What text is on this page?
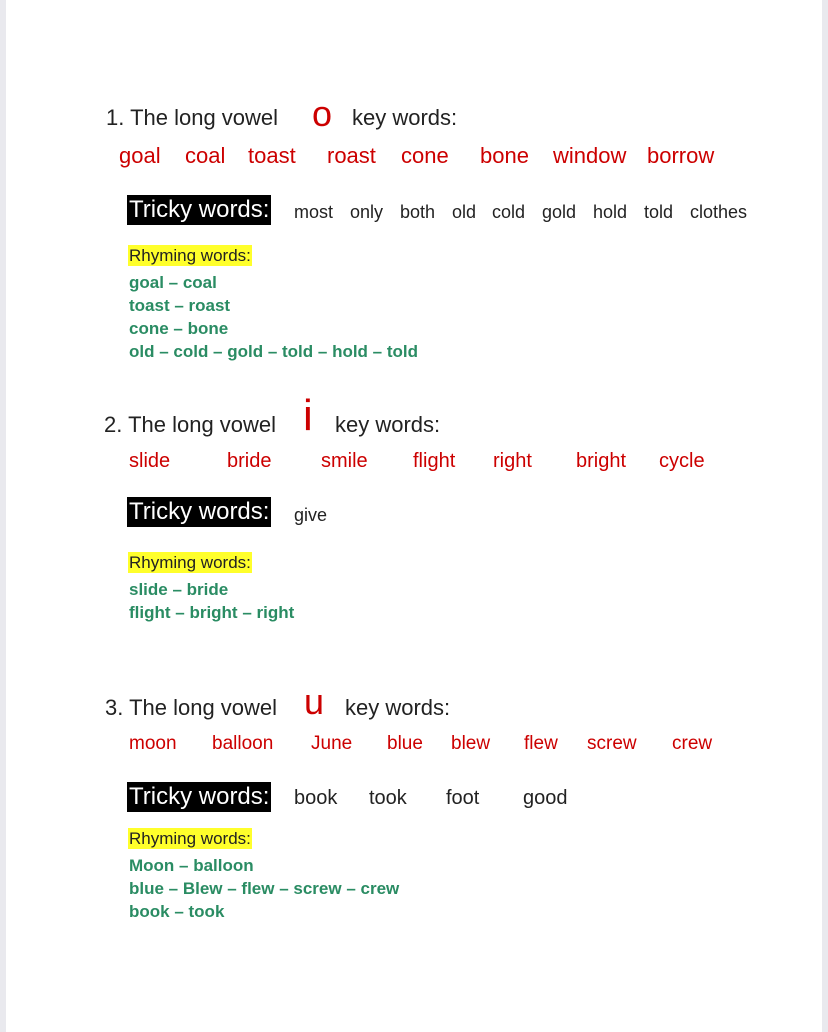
1. The long vowel o key words:
goal coal toast roast cone bone window borrow
Tricky words: most only both old cold gold hold told clothes
Rhyming words:
goal – coal
toast – roast
cone – bone
old – cold – gold – told – hold – told
2. The long vowel i key words:
slide	bride smile flight right bright cycle
Tricky words: give
Rhyming words:
slide – bride
flight – bright – right
3. The long vowel u key words:
moon balloon June blue blew flew screw crew
Tricky words: book took foot good
Rhyming words:
Moon – balloon
blue – Blew – flew – screw – crew
book – took
